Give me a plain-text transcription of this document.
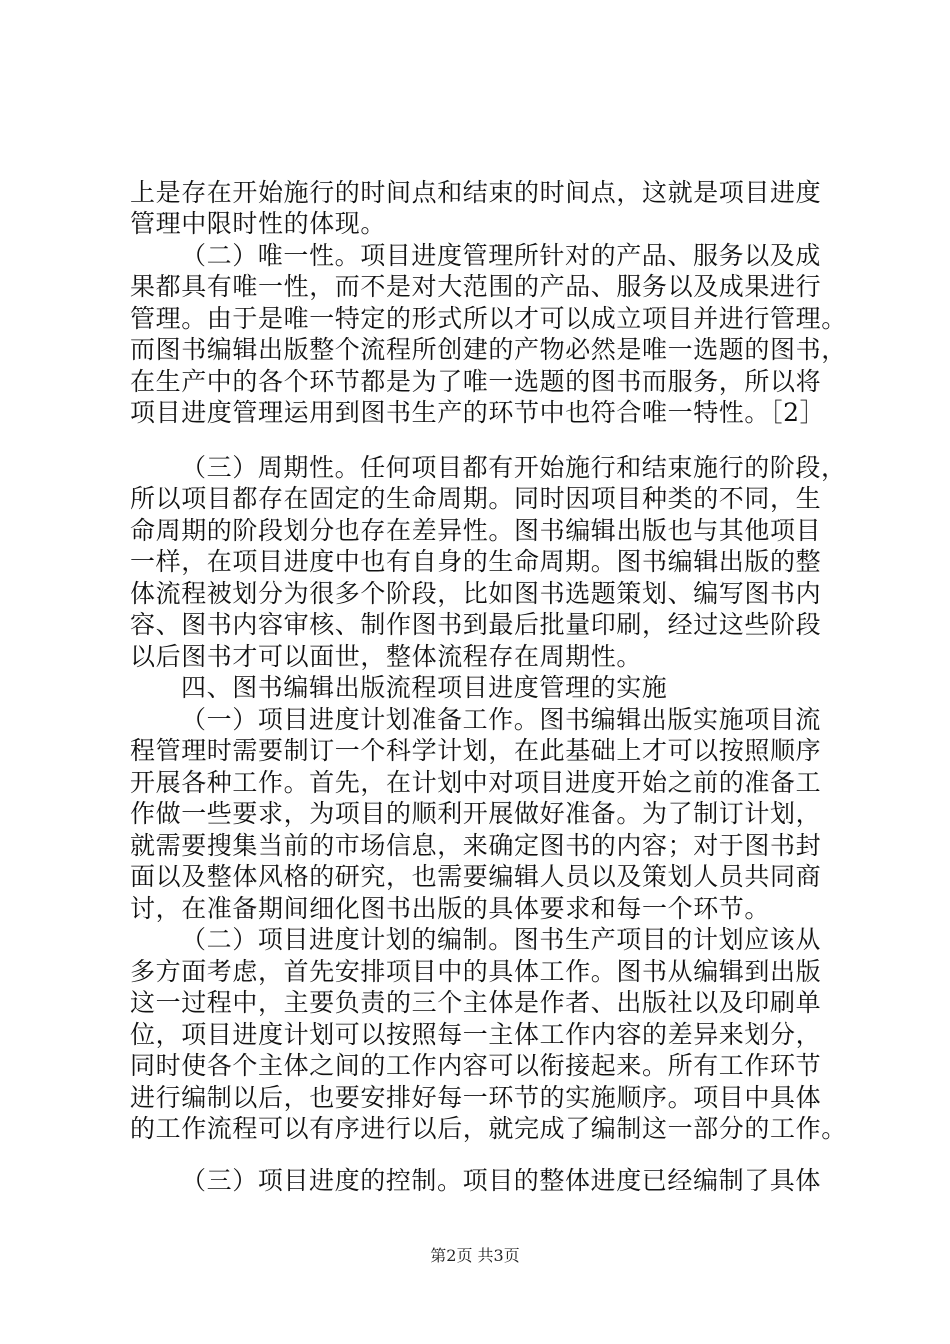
上是存在开始施行的时间点和结束的时间点，这就是项目进度
管理中限时性的体现。
（二）唯一性。项目进度管理所针对的产品、服务以及成
果都具有唯一性，而不是对大范围的产品、服务以及成果进行
管理。由于是唯一特定的形式所以才可以成立项目并进行管理。
而图书编辑出版整个流程所创建的产物必然是唯一选题的图书，
在生产中的各个环节都是为了唯一选题的图书而服务，所以将
项目进度管理运用到图书生产的环节中也符合唯一特性。［2］
（三）周期性。任何项目都有开始施行和结束施行的阶段，
所以项目都存在固定的生命周期。同时因项目种类的不同，生
命周期的阶段划分也存在差异性。图书编辑出版也与其他项目
一样，在项目进度中也有自身的生命周期。图书编辑出版的整
体流程被划分为很多个阶段，比如图书选题策划、编写图书内
容、图书内容审核、制作图书到最后批量印刷，经过这些阶段
以后图书才可以面世，整体流程存在周期性。
四、图书编辑出版流程项目进度管理的实施
（一）项目进度计划准备工作。图书编辑出版实施项目流
程管理时需要制订一个科学计划，在此基础上才可以按照顺序
开展各种工作。首先，在计划中对项目进度开始之前的准备工
作做一些要求，为项目的顺利开展做好准备。为了制订计划，
就需要搜集当前的市场信息，来确定图书的内容；对于图书封
面以及整体风格的研究，也需要编辑人员以及策划人员共同商
讨，在准备期间细化图书出版的具体要求和每一个环节。
（二）项目进度计划的编制。图书生产项目的计划应该从
多方面考虑，首先安排项目中的具体工作。图书从编辑到出版
这一过程中，主要负责的三个主体是作者、出版社以及印刷单
位，项目进度计划可以按照每一主体工作内容的差异来划分，
同时使各个主体之间的工作内容可以衔接起来。所有工作环节
进行编制以后，也要安排好每一环节的实施顺序。项目中具体
的工作流程可以有序进行以后，就完成了编制这一部分的工作。
（三）项目进度的控制。项目的整体进度已经编制了具体
第2页 共3页
